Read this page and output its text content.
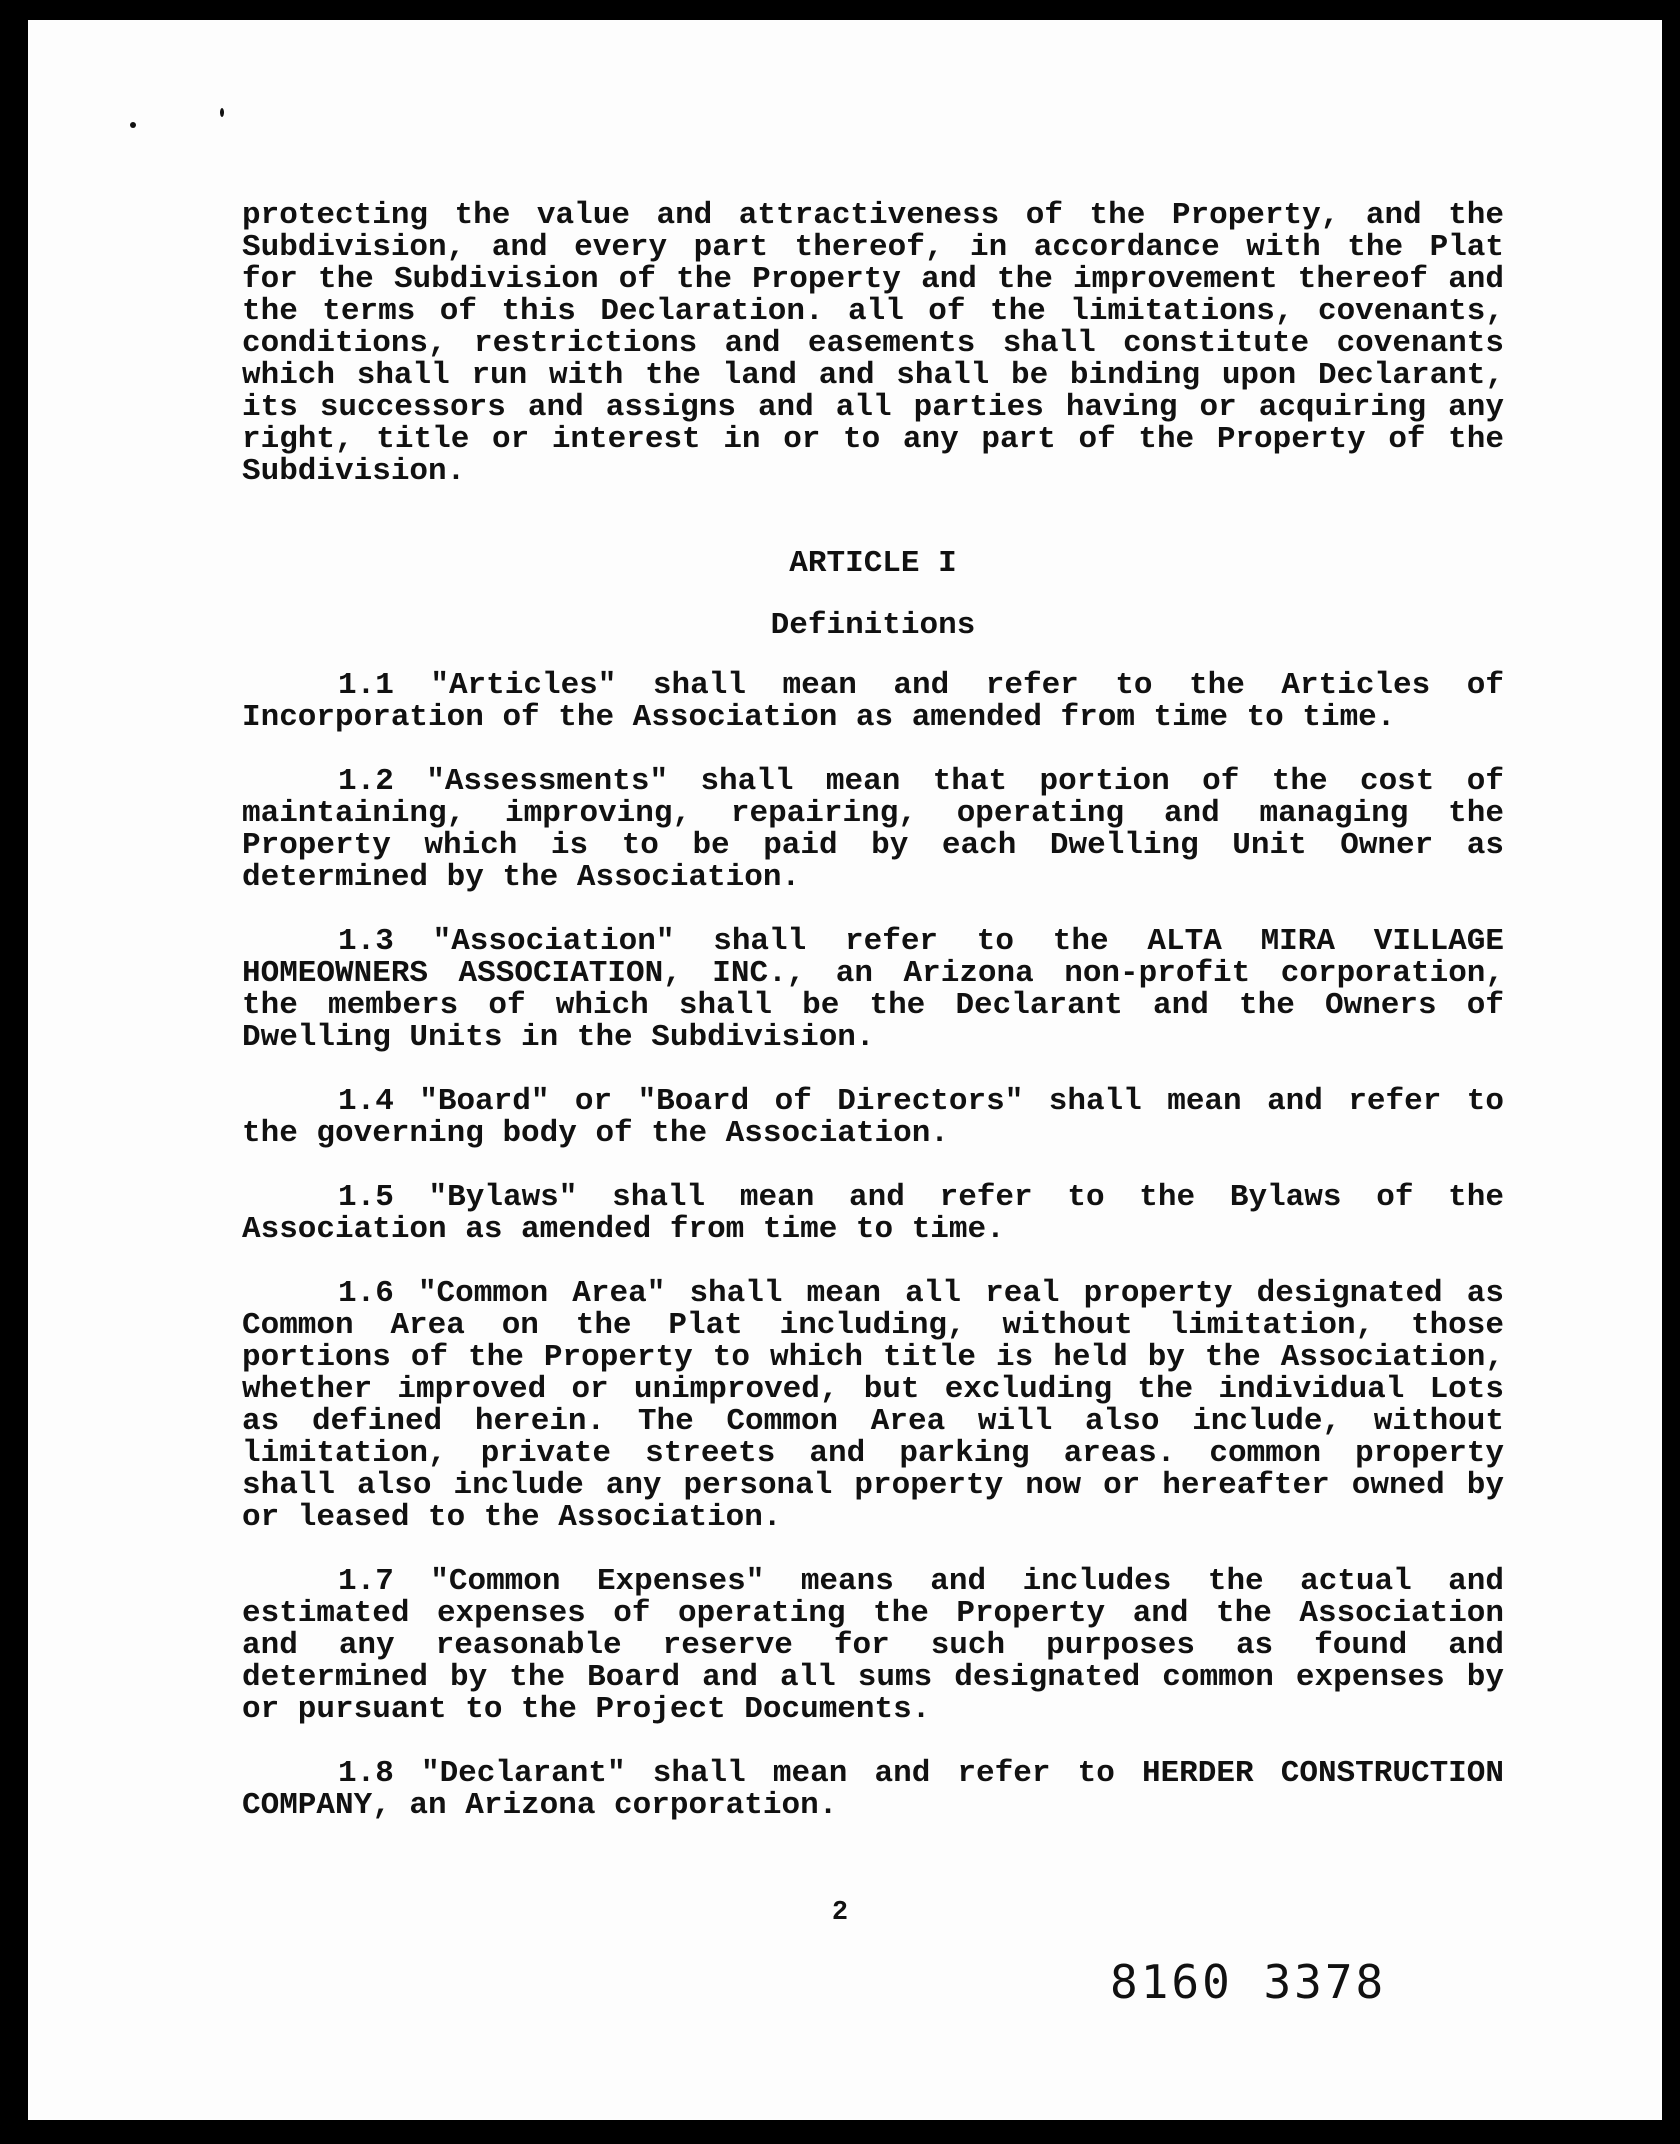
protecting the value and attractiveness of the Property, and the Subdivision, and every part thereof, in accordance with the Plat for the Subdivision of the Property and the improvement thereof and the terms of this Declaration. all of the limitations, covenants, conditions, restrictions and easements shall constitute covenants which shall run with the land and shall be binding upon Declarant, its successors and assigns and all parties having or acquiring any right, title or interest in or to any part of the Property of the Subdivision.

ARTICLE I

Definitions

1.1 "Articles" shall mean and refer to the Articles of Incorporation of the Association as amended from time to time.

1.2 "Assessments" shall mean that portion of the cost of maintaining, improving, repairing, operating and managing the Property which is to be paid by each Dwelling Unit Owner as determined by the Association.

1.3 "Association" shall refer to the ALTA MIRA VILLAGE HOMEOWNERS ASSOCIATION, INC., an Arizona non-profit corporation, the members of which shall be the Declarant and the Owners of Dwelling Units in the Subdivision.

1.4 "Board" or "Board of Directors" shall mean and refer to the governing body of the Association.

1.5 "Bylaws" shall mean and refer to the Bylaws of the Association as amended from time to time.

1.6 "Common Area" shall mean all real property designated as Common Area on the Plat including, without limitation, those portions of the Property to which title is held by the Association, whether improved or unimproved, but excluding the individual Lots as defined herein. The Common Area will also include, without limitation, private streets and parking areas. common property shall also include any personal property now or hereafter owned by or leased to the Association.

1.7 "Common Expenses" means and includes the actual and estimated expenses of operating the Property and the Association and any reasonable reserve for such purposes as found and determined by the Board and all sums designated common expenses by or pursuant to the Project Documents.

1.8 "Declarant" shall mean and refer to HERDER CONSTRUCTION COMPANY, an Arizona corporation.

2
8160 3378
